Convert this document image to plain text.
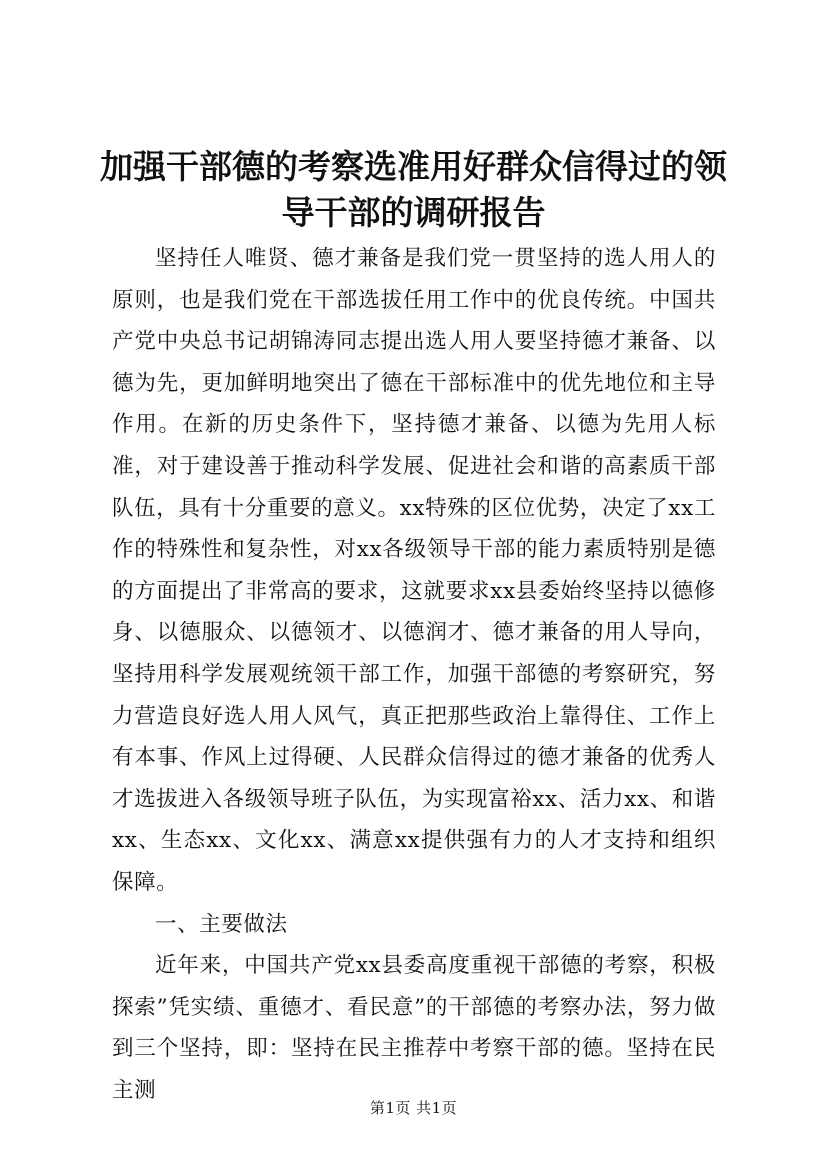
加强干部德的考察选准用好群众信得过的领导干部的调研报告

坚持任人唯贤、德才兼备是我们党一贯坚持的选人用人的原则，也是我们党在干部选拔任用工作中的优良传统。中国共产党中央总书记胡锦涛同志提出选人用人要坚持德才兼备、以德为先，更加鲜明地突出了德在干部标准中的优先地位和主导作用。在新的历史条件下，坚持德才兼备、以德为先用人标准，对于建设善于推动科学发展、促进社会和谐的高素质干部队伍，具有十分重要的意义。xx特殊的区位优势，决定了xx工作的特殊性和复杂性，对xx各级领导干部的能力素质特别是德的方面提出了非常高的要求，这就要求xx县委始终坚持以德修身、以德服众、以德领才、以德润才、德才兼备的用人导向，坚持用科学发展观统领干部工作，加强干部德的考察研究，努力营造良好选人用人风气，真正把那些政治上靠得住、工作上有本事、作风上过得硬、人民群众信得过的德才兼备的优秀人才选拔进入各级领导班子队伍，为实现富裕xx、活力xx、和谐xx、生态xx、文化xx、满意xx提供强有力的人才支持和组织保障。

一、主要做法

近年来，中国共产党xx县委高度重视干部德的考察，积极探索”凭实绩、重德才、看民意”的干部德的考察办法，努力做到三个坚持，即：坚持在民主推荐中考察干部的德。坚持在民主测

第1页 共1页
